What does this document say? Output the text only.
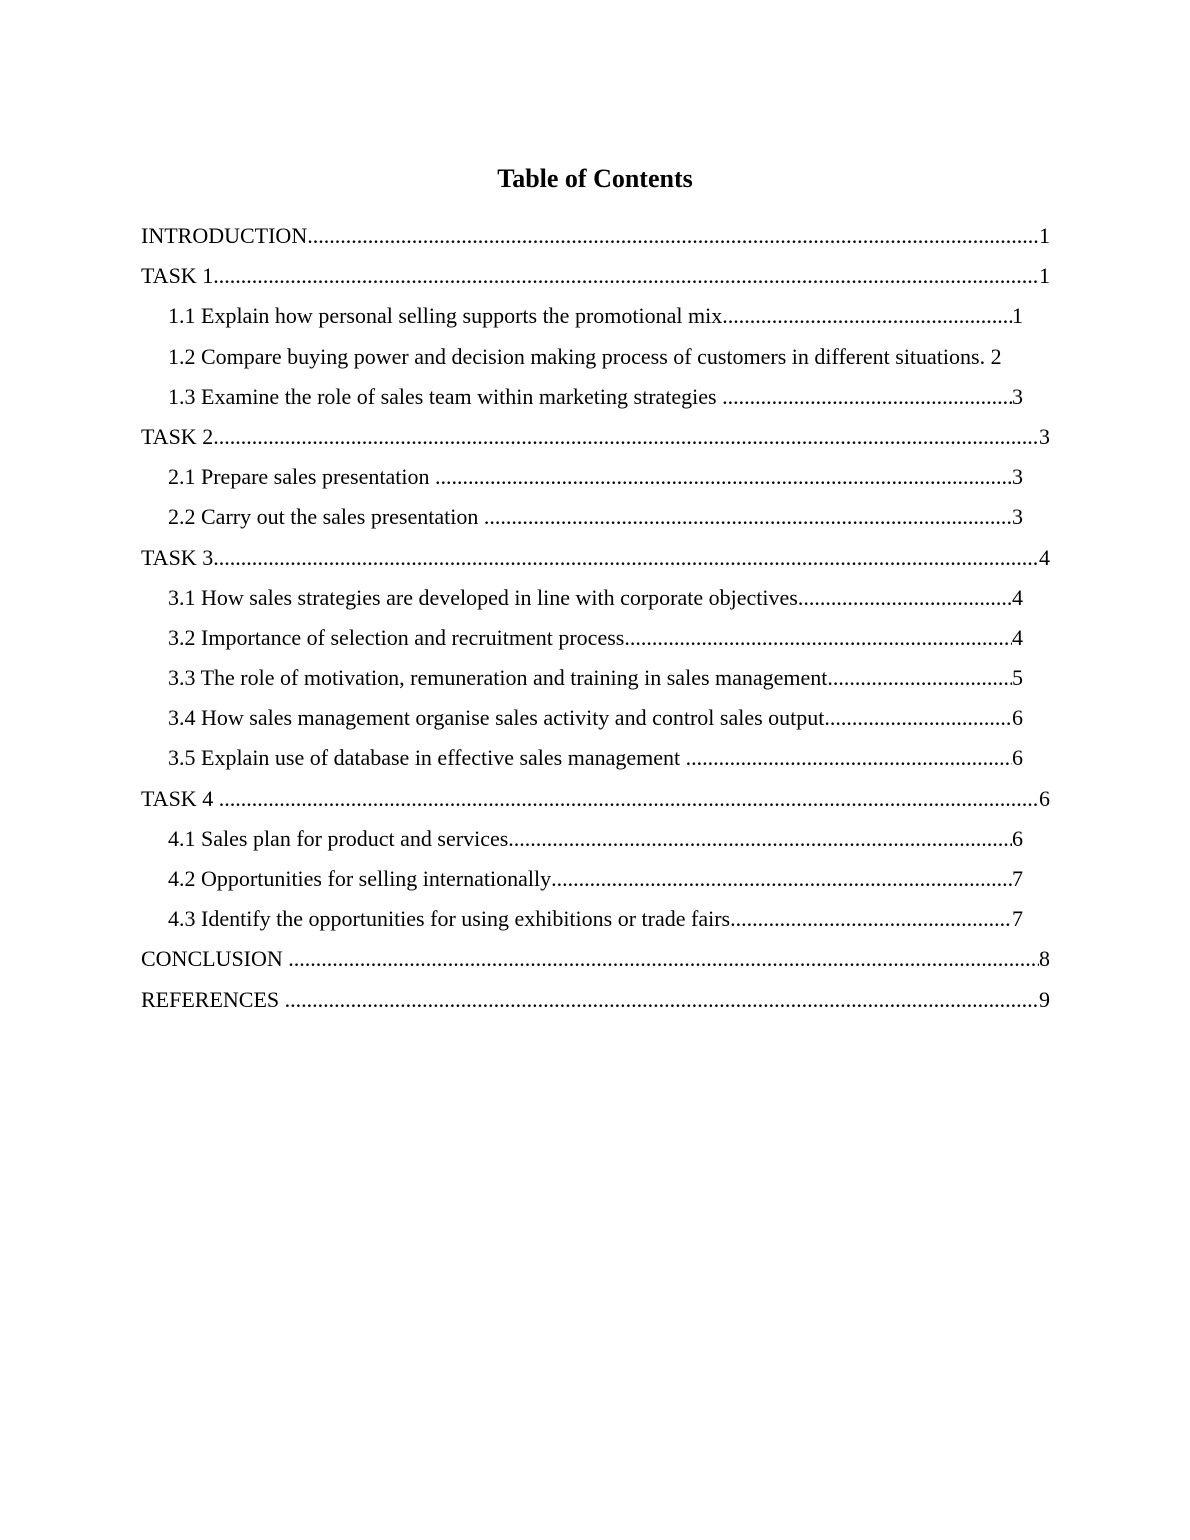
Table of Contents
INTRODUCTION .....	1
TASK 1 .....	1
1.1 Explain how personal selling supports the promotional mix .....	1
1.2 Compare buying power and decision making process of customers in different situations. 2
1.3 Examine the role of sales team within marketing strategies .....	3
TASK 2 .....	3
2.1 Prepare sales presentation .....	3
2.2 Carry out the sales presentation .....	3
TASK 3 .....	4
3.1 How sales strategies are developed in line with corporate objectives .....	4
3.2 Importance of selection and recruitment process .....	4
3.3 The role of motivation, remuneration and training in sales management .....	5
3.4 How sales management organise sales activity and control sales output .....	6
3.5 Explain use of database in effective sales management .....	6
TASK 4 .....	6
4.1 Sales plan for product and services .....	6
4.2 Opportunities for selling internationally .....	7
4.3 Identify the opportunities for using exhibitions or trade fairs .....	7
CONCLUSION .....	8
REFERENCES .....	9
